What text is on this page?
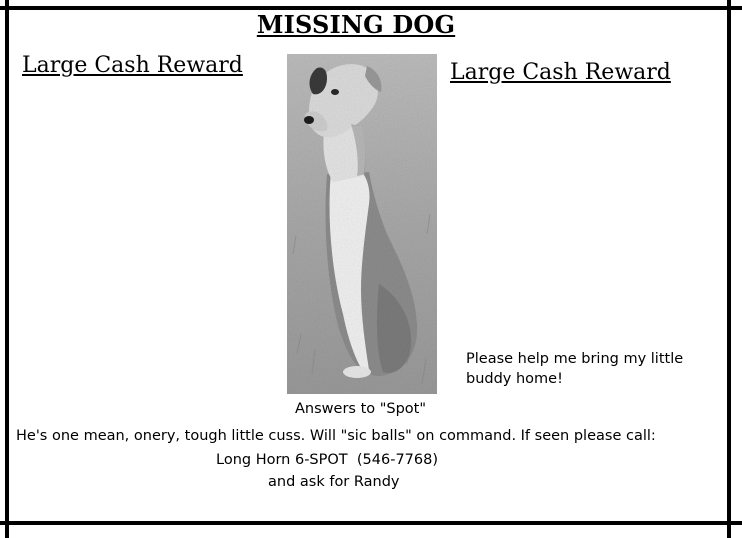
MISSING DOG
Large Cash Reward	Large Cash Reward
Please help me bring my little buddy home!
Answers to "Spot"
He's one mean, onery, tough little cuss. Will "sic balls" on command. If seen please call:
Long Horn 6-SPOT  (546-7768)
and ask for Randy
